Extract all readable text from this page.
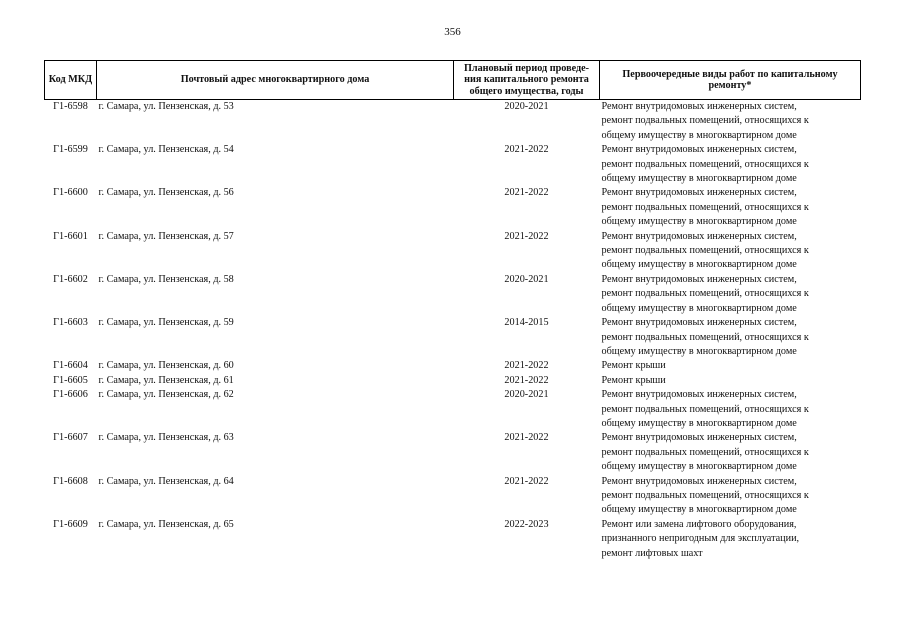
356
Код МКД	Почтовый адрес многоквартирного дома	Плановый период проведе-
ния капитального ремонта
общего имущества, годы	Первоочередные виды работ по капитальному
ремонту*

Г1-6598	г. Самара, ул. Пензенская, д. 53	2020-2021	Ремонт внутридомовых инженерных систем,
ремонт подвальных помещений, относящихся к
общему имуществу в многоквартирном доме

Г1-6599	г. Самара, ул. Пензенская, д. 54	2021-2022	Ремонт внутридомовых инженерных систем,
ремонт подвальных помещений, относящихся к
общему имуществу в многоквартирном доме

Г1-6600	г. Самара, ул. Пензенская, д. 56	2021-2022	Ремонт внутридомовых инженерных систем,
ремонт подвальных помещений, относящихся к
общему имуществу в многоквартирном доме

Г1-6601	г. Самара, ул. Пензенская, д. 57	2021-2022	Ремонт внутридомовых инженерных систем,
ремонт подвальных помещений, относящихся к
общему имуществу в многоквартирном доме

Г1-6602	г. Самара, ул. Пензенская, д. 58	2020-2021	Ремонт внутридомовых инженерных систем,
ремонт подвальных помещений, относящихся к
общему имуществу в многоквартирном доме

Г1-6603	г. Самара, ул. Пензенская, д. 59	2014-2015	Ремонт внутридомовых инженерных систем,
ремонт подвальных помещений, относящихся к
общему имуществу в многоквартирном доме

Г1-6604	г. Самара, ул. Пензенская, д. 60	2021-2022	Ремонт крыши

Г1-6605	г. Самара, ул. Пензенская, д. 61	2021-2022	Ремонт крыши

Г1-6606	г. Самара, ул. Пензенская, д. 62	2020-2021	Ремонт внутридомовых инженерных систем,
ремонт подвальных помещений, относящихся к
общему имуществу в многоквартирном доме

Г1-6607	г. Самара, ул. Пензенская, д. 63	2021-2022	Ремонт внутридомовых инженерных систем,
ремонт подвальных помещений, относящихся к
общему имуществу в многоквартирном доме

Г1-6608	г. Самара, ул. Пензенская, д. 64	2021-2022	Ремонт внутридомовых инженерных систем,
ремонт подвальных помещений, относящихся к
общему имуществу в многоквартирном доме

Г1-6609	г. Самара, ул. Пензенская, д. 65	2022-2023	Ремонт или замена лифтового оборудования,
признанного непригодным для эксплуатации,
ремонт лифтовых шахт
